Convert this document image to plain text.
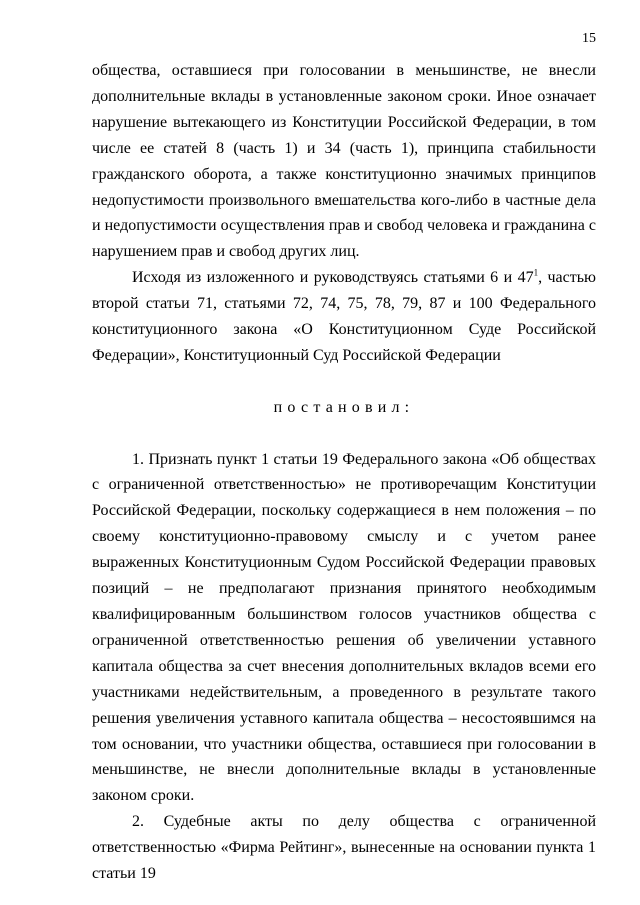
15

общества, оставшиеся при голосовании в меньшинстве, не внесли дополнительные вклады в установленные законом сроки. Иное означает нарушение вытекающего из Конституции Российской Федерации, в том числе ее статей 8 (часть 1) и 34 (часть 1), принципа стабильности гражданского оборота, а также конституционно значимых принципов недопустимости произвольного вмешательства кого-либо в частные дела и недопустимости осуществления прав и свобод человека и гражданина с нарушением прав и свобод других лиц.

Исходя из изложенного и руководствуясь статьями 6 и $47^1$, частью второй статьи 71, статьями 72, 74, 75, 78, 79, 87 и 100 Федерального конституционного закона «О Конституционном Суде Российской Федерации», Конституционный Суд Российской Федерации

постановил:

1. Признать пункт 1 статьи 19 Федерального закона «Об обществах с ограниченной ответственностью» не противоречащим Конституции Российской Федерации, поскольку содержащиеся в нем положения – по своему конституционно-правовому смыслу и с учетом ранее выраженных Конституционным Судом Российской Федерации правовых позиций – не предполагают признания принятого необходимым квалифицированным большинством голосов участников общества с ограниченной ответственностью решения об увеличении уставного капитала общества за счет внесения дополнительных вкладов всеми его участниками недействительным, а проведенного в результате такого решения увеличения уставного капитала общества – несостоявшимся на том основании, что участники общества, оставшиеся при голосовании в меньшинстве, не внесли дополнительные вклады в установленные законом сроки.

2. Судебные акты по делу общества с ограниченной ответственностью «Фирма Рейтинг», вынесенные на основании пункта 1 статьи 19
